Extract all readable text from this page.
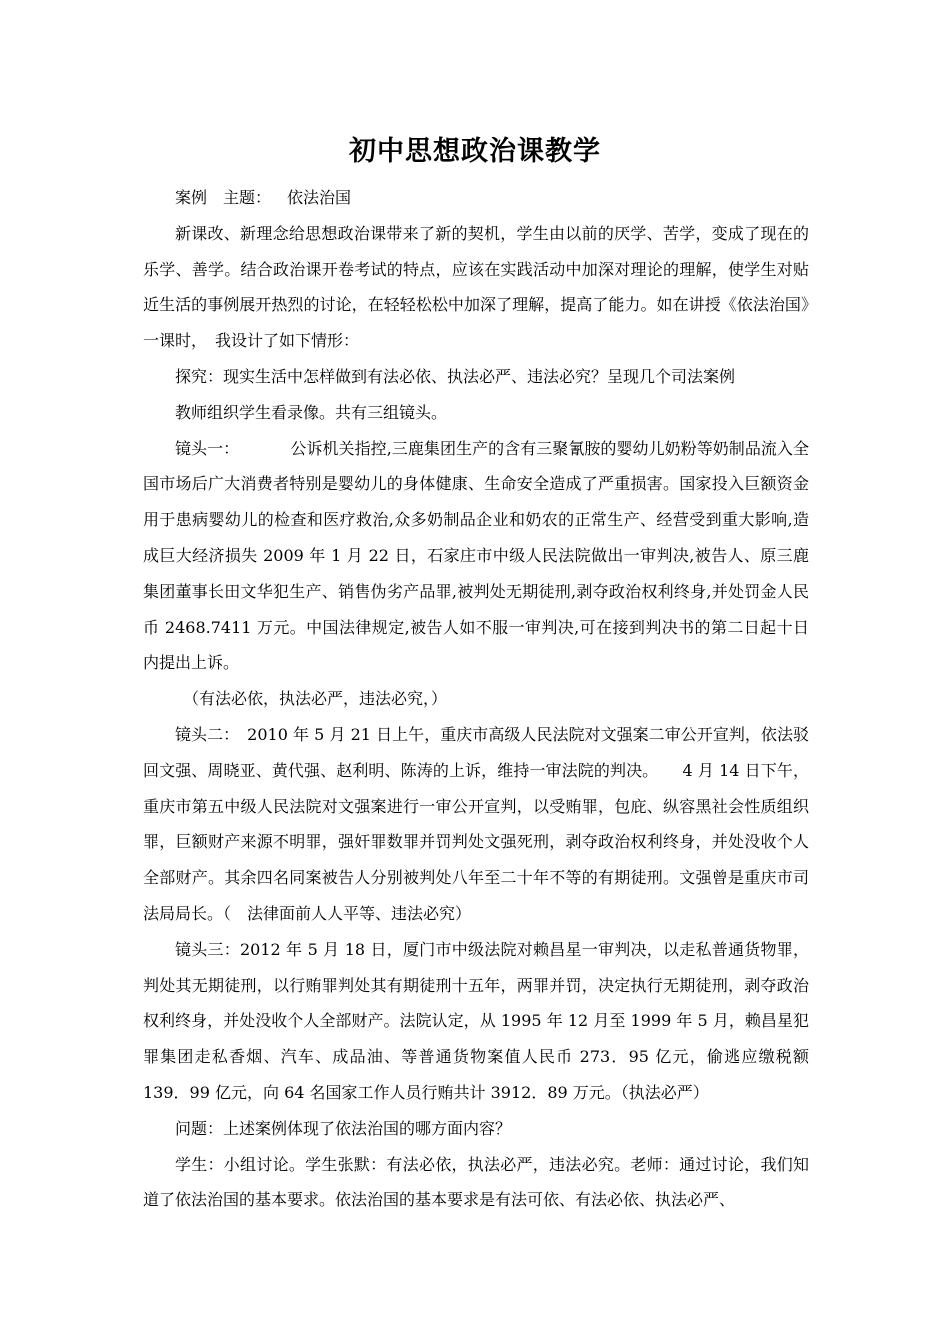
初中思想政治课教学

案例 主题： 依法治国

新课改、新理念给思想政治课带来了新的契机，学生由以前的厌学、苦学，变成了现在的乐学、善学。结合政治课开卷考试的特点，应该在实践活动中加深对理论的理解，使学生对贴近生活的事例展开热烈的讨论，在轻轻松松中加深了理解，提高了能力。如在讲授《依法治国》一课时，　我设计了如下情形：

探究：现实生活中怎样做到有法必依、执法必严、违法必究？呈现几个司法案例

教师组织学生看录像。共有三组镜头。

镜头一：	公诉机关指控,三鹿集团生产的含有三聚氰胺的婴幼儿奶粉等奶制品流入全国市场后广大消费者特别是婴幼儿的身体健康、生命安全造成了严重损害。国家投入巨额资金用于患病婴幼儿的检查和医疗救治,众多奶制品企业和奶农的正常生产、经营受到重大影响,造成巨大经济损失 2009 年 1 月 22 日，石家庄市中级人民法院做出一审判决,被告人、原三鹿集团董事长田文华犯生产、销售伪劣产品罪,被判处无期徒刑,剥夺政治权利终身,并处罚金人民币 2468.7411 万元。中国法律规定,被告人如不服一审判决,可在接到判决书的第二日起十日内提出上诉。

（有法必依，执法必严，违法必究，）

镜头二：　2010 年 5 月 21 日上午，重庆市高级人民法院对文强案二审公开宣判，依法驳回文强、周晓亚、黄代强、赵利明、陈涛的上诉，维持一审法院的判决。　　4 月 14 日下午，重庆市第五中级人民法院对文强案进行一审公开宣判，以受贿罪，包庇、纵容黑社会性质组织罪，巨额财产来源不明罪，强奸罪数罪并罚判处文强死刑，剥夺政治权利终身，并处没收个人全部财产。其余四名同案被告人分别被判处八年至二十年不等的有期徒刑。文强曾是重庆市司法局局长。（　法律面前人人平等、违法必究）

镜头三：2012 年 5 月 18 日，厦门市中级法院对赖昌星一审判决，以走私普通货物罪，判处其无期徒刑，以行贿罪判处其有期徒刑十五年，两罪并罚，决定执行无期徒刑，剥夺政治权利终身，并处没收个人全部财产。法院认定，从 1995 年 12 月至 1999 年 5 月，赖昌星犯罪集团走私香烟、汽车、成品油、等普通货物案值人民币 273．95 亿元，偷逃应缴税额 139．99 亿元，向 64 名国家工作人员行贿共计 3912．89 万元。（执法必严）

问题：上述案例体现了依法治国的哪方面内容？

学生：小组讨论。学生张默：有法必依，执法必严，违法必究。老师：通过讨论，我们知道了依法治国的基本要求。依法治国的基本要求是有法可依、有法必依、执法必严、
